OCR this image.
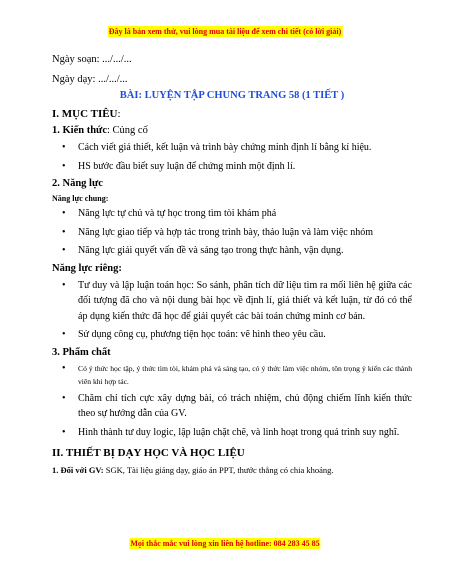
Đây là bản xem thử, vui lòng mua tài liệu để xem chi tiết (có lời giải)

Ngày soạn: .../.../...

Ngày dạy: .../.../...

BÀI: LUYỆN TẬP CHUNG TRANG 58 (1 TIẾT )
I. MỤC TIÊU:
1. Kiến thức: Củng cố
• Cách viết giả thiết, kết luận và trình bày chứng minh định lí bằng kí hiệu.
• HS bước đầu biết suy luận để chứng minh một định lí.
2. Năng lực
Năng lực chung:
• Năng lực tự chủ và tự học trong tìm tòi khám phá
• Năng lực giao tiếp và hợp tác trong trình bày, thảo luận và làm việc nhóm
• Năng lực giải quyết vấn đề và sáng tạo trong thực hành, vận dụng.
Năng lực riêng:
• Tư duy và lập luận toán học: So sánh, phân tích dữ liệu tìm ra mối liên hệ giữa các đối tượng đã cho và nội dung bài học về định lí, giả thiết và kết luận, từ đó có thể áp dụng kiến thức đã học để giải quyết các bài toán chứng minh cơ bản.
• Sử dụng công cụ, phương tiện học toán: vẽ hình theo yêu cầu.
3. Phẩm chất
• Có ý thức học tập, ý thức tìm tòi, khám phá và sáng tạo, có ý thức làm việc nhóm, tôn trọng ý kiến các thành viên khi hợp tác.
• Chăm chỉ tích cực xây dựng bài, có trách nhiệm, chủ động chiếm lĩnh kiến thức theo sự hướng dẫn của GV.
• Hình thành tư duy logic, lập luận chặt chẽ, và linh hoạt trong quá trình suy nghĩ.
II. THIẾT BỊ DẠY HỌC VÀ HỌC LIỆU
1. Đối với GV: SGK, Tài liệu giảng dạy, giáo án PPT, thước thẳng có chia khoảng.
Mọi thắc mắc vui lòng xin liên hệ hotline: 084 283 45 85
